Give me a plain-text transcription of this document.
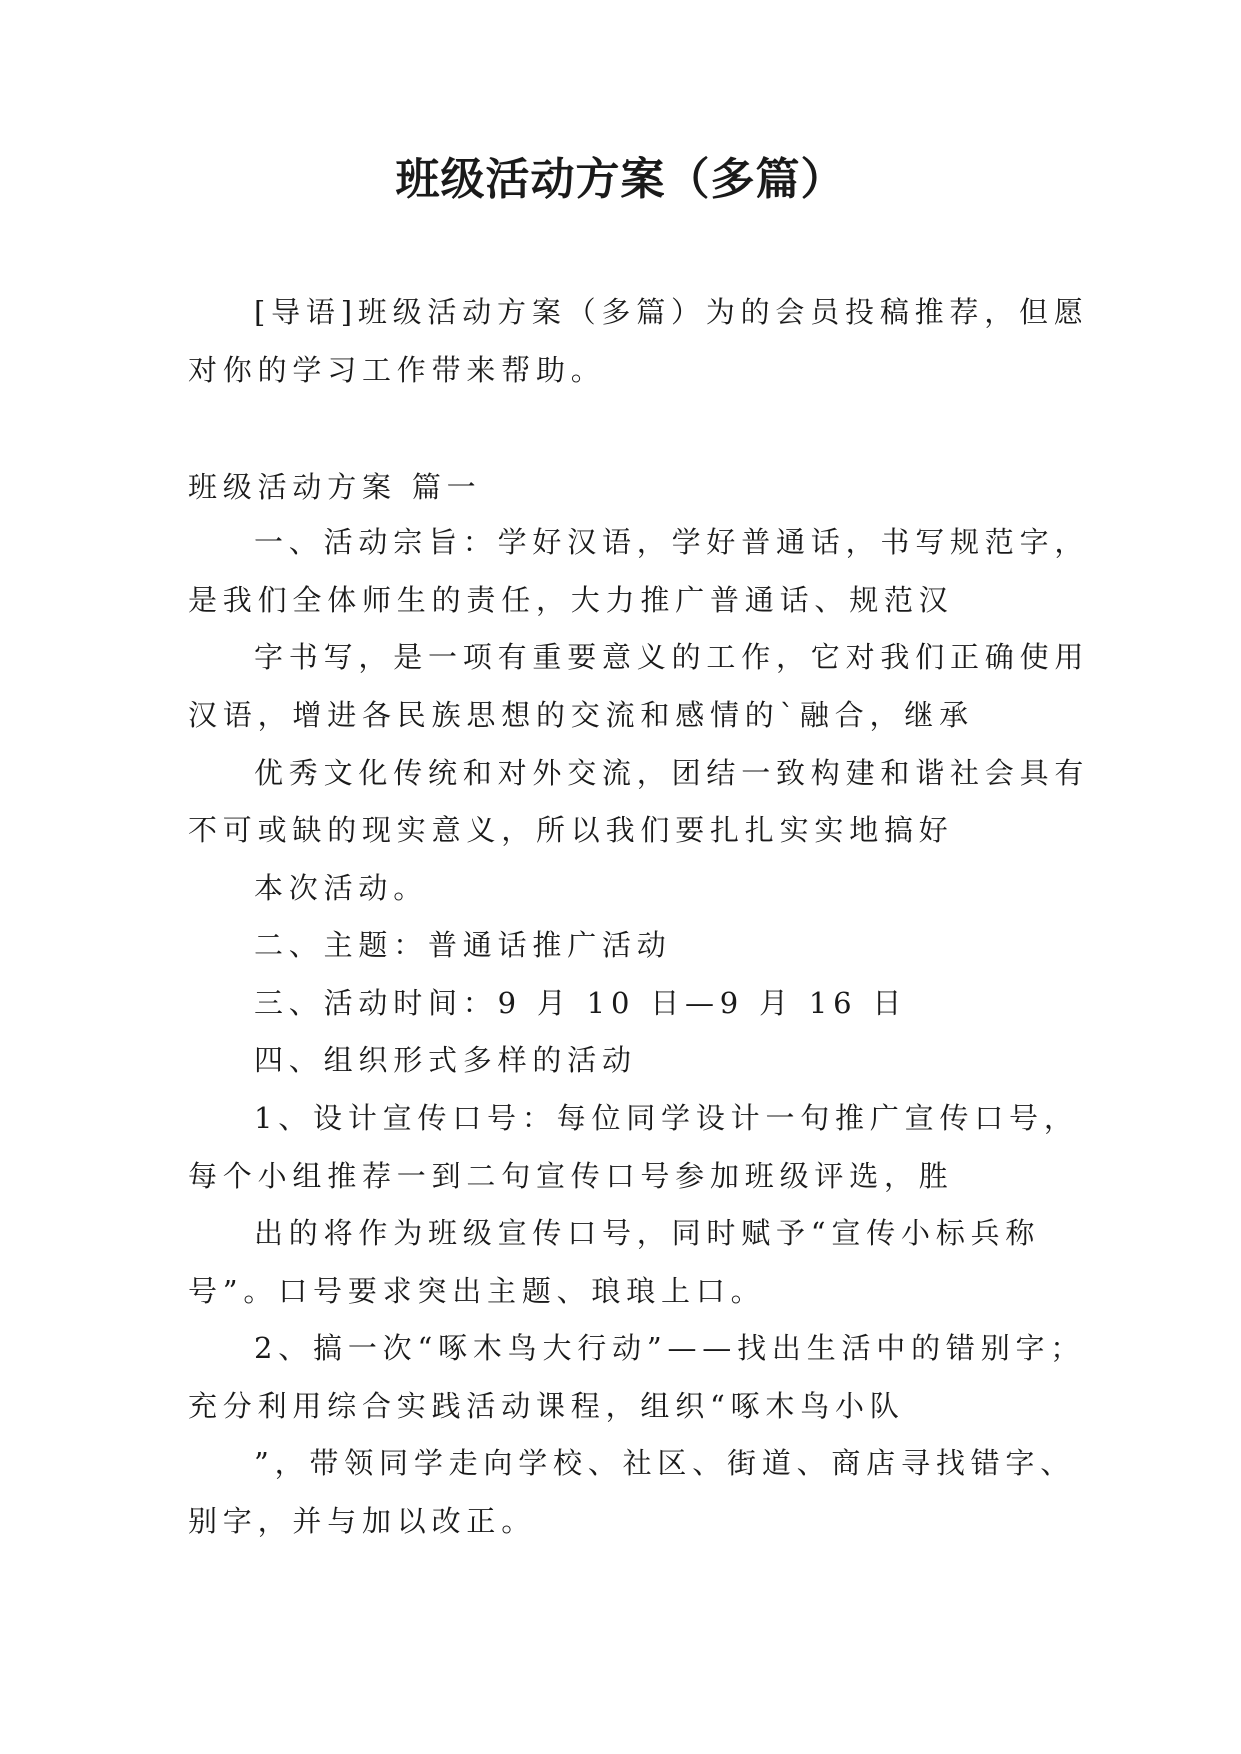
班级活动方案（多篇）

[导语]班级活动方案（多篇）为的会员投稿推荐，但愿

对你的学习工作带来帮助。

班级活动方案 篇一

一、活动宗旨：学好汉语，学好普通话，书写规范字，

是我们全体师生的责任，大力推广普通话、规范汉

字书写，是一项有重要意义的工作，它对我们正确使用

汉语，增进各民族思想的交流和感情的`融合，继承

优秀文化传统和对外交流，团结一致构建和谐社会具有

不可或缺的现实意义，所以我们要扎扎实实地搞好

本次活动。

二、主题：普通话推广活动

三、活动时间：9 月 10 日—9 月 16 日

四、组织形式多样的活动

1、设计宣传口号：每位同学设计一句推广宣传口号，

每个小组推荐一到二句宣传口号参加班级评选，胜

出的将作为班级宣传口号，同时赋予“宣传小标兵称

号”。口号要求突出主题、琅琅上口。

2、搞一次“啄木鸟大行动”——找出生活中的错别字；

充分利用综合实践活动课程，组织“啄木鸟小队

”，带领同学走向学校、社区、街道、商店寻找错字、

别字，并与加以改正。
